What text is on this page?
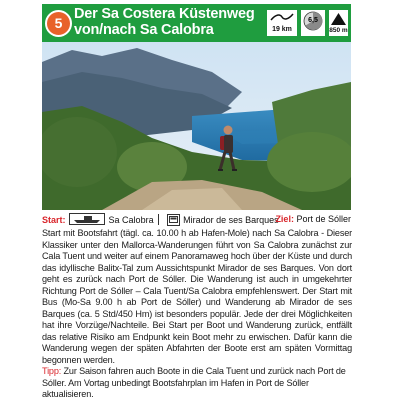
5
Der Sa Costera Küstenweg
von/nach Sa Calobra	19 km
6,5
850 m
Start:	Sa Calobra	Mirador de ses Barques
Ziel: Port de Sóller
Start mit Bootsfahrt (tägl. ca. 10.00 h ab Hafen-Mole) nach Sa Calobra - Dieser Klassiker unter den Mallorca-Wanderungen führt von Sa Calobra zunächst zur Cala Tuent und weiter auf einem Panoramaweg hoch über der Küste und durch das idyllische Balitx-Tal zum Aussichtspunkt Mirador de ses Barques. Von dort geht es zurück nach Port de Sóller. Die Wanderung ist auch in umgekehrter Richtung Port de Sóller – Cala Tuent/Sa Calobra empfehlenswert. Der Start mit Bus (Mo-Sa 9.00 h ab Port de Sóller) und Wanderung ab Mirador de ses Barques (ca. 5 Std/450 Hm) ist besonders populär. Jede der drei Möglichkeiten hat ihre Vorzüge/Nachteile. Bei Start per Boot und Wanderung zurück, entfällt das relative Risiko am Endpunkt kein Boot mehr zu erwischen. Dafür kann die Wanderung wegen der späten Abfahrten der Boote erst am späten Vormittag begonnen werden.
Tipp: Zur Saison fahren auch Boote in die Cala Tuent und zurück nach Port de Sóller. Am Vortag unbedingt Bootsfahrplan im Hafen in Port de Sóller aktualisieren.
